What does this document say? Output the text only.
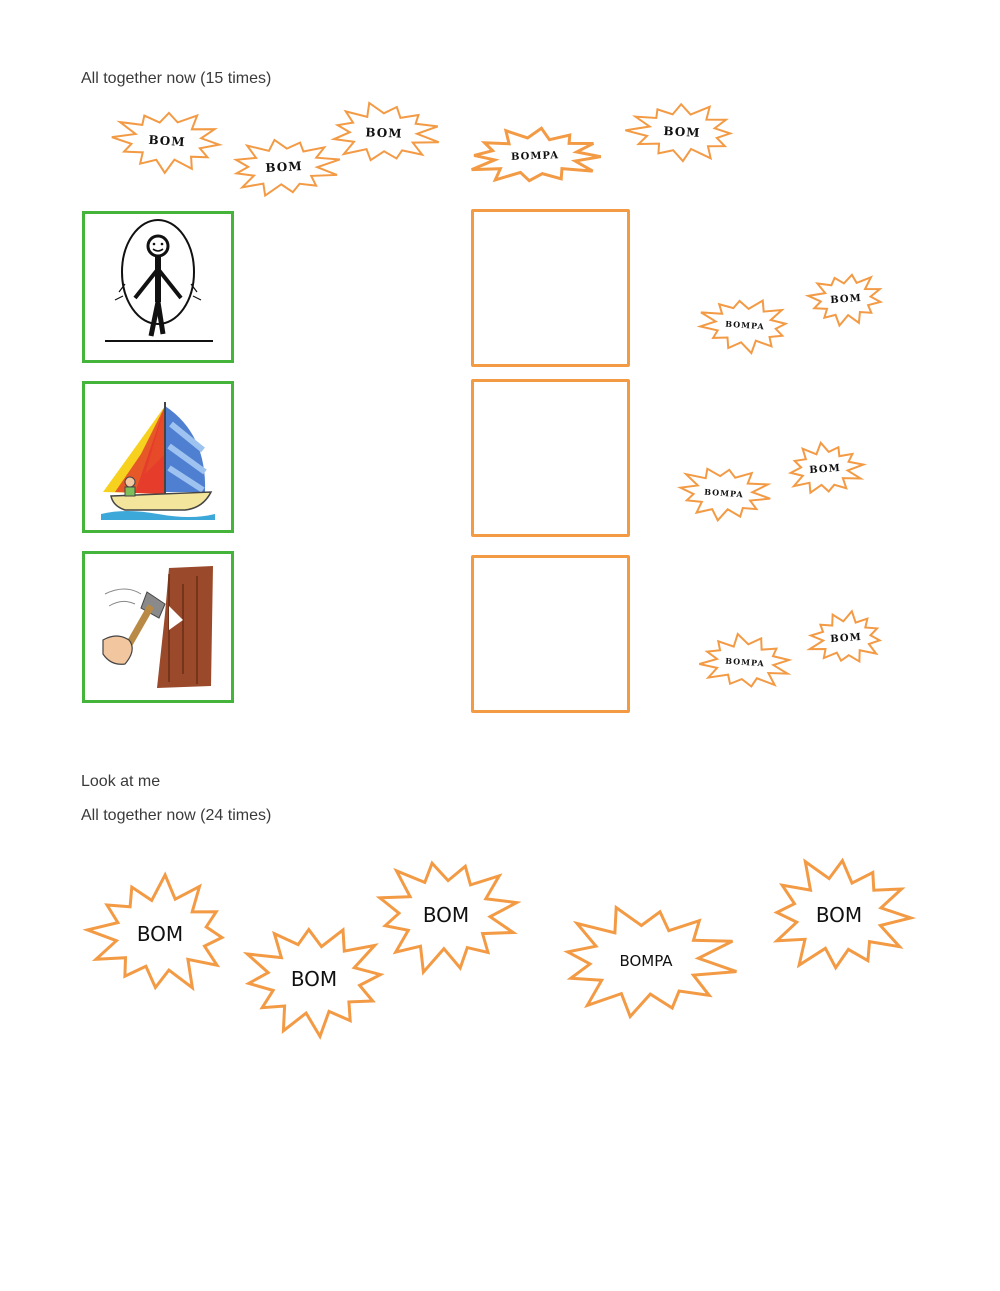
All together now (15 times)
Look at me
All together now (24 times)
BOM
BOM
BOM
BOMPA
BOM
BOMPA
BOM
BOMPA
BOM
BOMPA
BOM
BOM
BOM
BOM
BOMPA
BOM
